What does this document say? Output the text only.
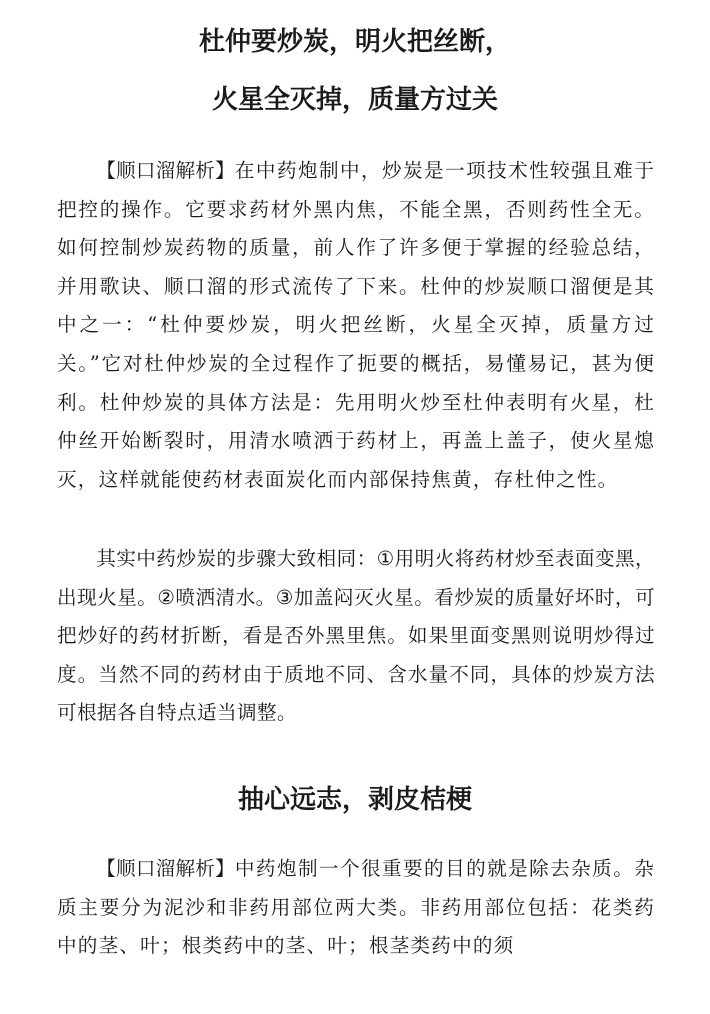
杜仲要炒炭，明火把丝断，
火星全灭掉，质量方过关

【顺口溜解析】在中药炮制中，炒炭是一项技术性较强且难于把控的操作。它要求药材外黑内焦，不能全黑，否则药性全无。如何控制炒炭药物的质量，前人作了许多便于掌握的经验总结，并用歌诀、顺口溜的形式流传了下来。杜仲的炒炭顺口溜便是其中之一：“杜仲要炒炭，明火把丝断，火星全灭掉，质量方过关。”它对杜仲炒炭的全过程作了扼要的概括，易懂易记，甚为便利。杜仲炒炭的具体方法是：先用明火炒至杜仲表明有火星，杜仲丝开始断裂时，用清水喷洒于药材上，再盖上盖子，使火星熄灭，这样就能使药材表面炭化而内部保持焦黄，存杜仲之性。

其实中药炒炭的步骤大致相同：①用明火将药材炒至表面变黑，出现火星。②喷洒清水。③加盖闷灭火星。看炒炭的质量好坏时，可把炒好的药材折断，看是否外黑里焦。如果里面变黑则说明炒得过度。当然不同的药材由于质地不同、含水量不同，具体的炒炭方法可根据各自特点适当调整。

抽心远志，剥皮桔梗

【顺口溜解析】中药炮制一个很重要的目的就是除去杂质。杂质主要分为泥沙和非药用部位两大类。非药用部位包括：花类药中的茎、叶；根类药中的茎、叶；根茎类药中的须
